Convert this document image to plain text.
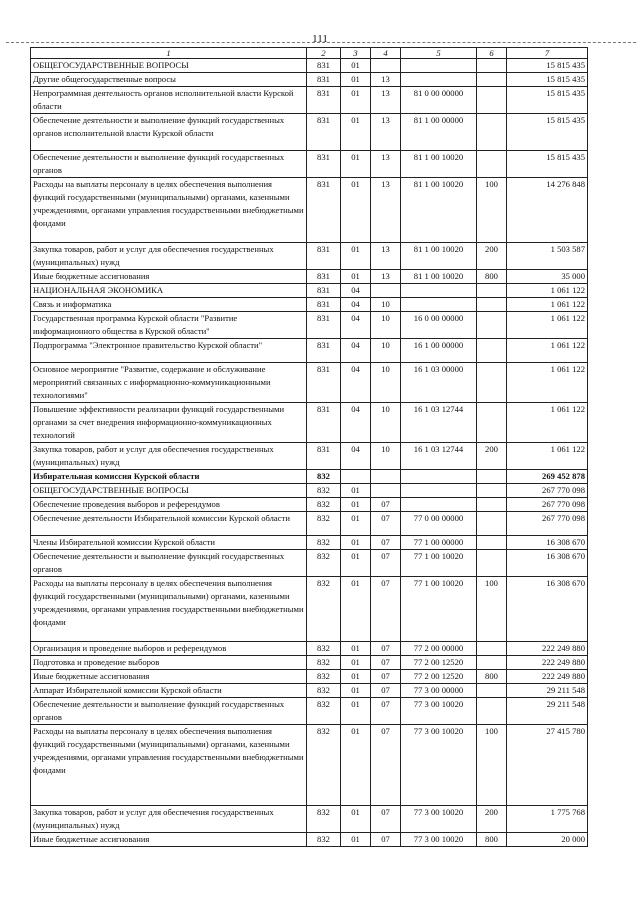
111
1	2	3	4	5	6	7
ОБЩЕГОСУДАРСТВЕННЫЕ ВОПРОСЫ	831	01				15 815 435
Другие общегосударственные вопросы	831	01	13			15 815 435
Непрограммная деятельность органов исполнительной власти Курской области	831	01	13	81 0 00 00000		15 815 435
Обеспечение деятельности и выполнение функций государственных органов исполнительной власти Курской области	831	01	13	81 1 00 00000		15 815 435
Обеспечение деятельности и выполнение функций государственных органов	831	01	13	81 1 00 10020		15 815 435
Расходы на выплаты персоналу в целях обеспечения выполнения функций государственными (муниципальными) органами, казенными учреждениями, органами управления государственными внебюджетными фондами	831	01	13	81 1 00 10020	100	14 276 848
Закупка товаров, работ и услуг для обеспечения государственных (муниципальных) нужд	831	01	13	81 1 00 10020	200	1 503 587
Иные бюджетные ассигнования	831	01	13	81 1 00 10020	800	35 000
НАЦИОНАЛЬНАЯ ЭКОНОМИКА	831	04				1 061 122
Связь и информатика	831	04	10			1 061 122
Государственная программа Курской области "Развитие информационного общества в Курской области"	831	04	10	16 0 00 00000		1 061 122
Подпрограмма "Электронное правительство Курской области"	831	04	10	16 1 00 00000		1 061 122
Основное мероприятие "Развитие, содержание и обслуживание мероприятий связанных с информационно-коммуникационными технологиями"	831	04	10	16 1 03 00000		1 061 122
Повышение эффективности реализации функций государственными органами за счет внедрения информационно-коммуникационных технологий	831	04	10	16 1 03 12744		1 061 122
Закупка товаров, работ и услуг для обеспечения государственных (муниципальных) нужд	831	04	10	16 1 03 12744	200	1 061 122
Избирательная комиссия Курской области	832					269 452 878
ОБЩЕГОСУДАРСТВЕННЫЕ ВОПРОСЫ	832	01				267 770 098
Обеспечение проведения выборов и референдумов	832	01	07			267 770 098
Обеспечение деятельности Избирательной комиссии Курской области	832	01	07	77 0 00 00000		267 770 098
Члены Избирательной комиссии Курской области	832	01	07	77 1 00 00000		16 308 670
Обеспечение деятельности и выполнение функций государственных органов	832	01	07	77 1 00 10020		16 308 670
Расходы на выплаты персоналу в целях обеспечения выполнения функций государственными (муниципальными) органами, казенными учреждениями, органами управления государственными внебюджетными фондами	832	01	07	77 1 00 10020	100	16 308 670
Организация и проведение выборов и референдумов	832	01	07	77 2 00 00000		222 249 880
Подготовка и проведение выборов	832	01	07	77 2 00 12520		222 249 880
Иные бюджетные ассигнования	832	01	07	77 2 00 12520	800	222 249 880
Аппарат Избирательной комиссии Курской области	832	01	07	77 3 00 00000		29 211 548
Обеспечение деятельности и выполнение функций государственных органов	832	01	07	77 3 00 10020		29 211 548
Расходы на выплаты персоналу в целях обеспечения выполнения функций государственными (муниципальными) органами, казенными учреждениями, органами управления государственными внебюджетными фондами	832	01	07	77 3 00 10020	100	27 415 780
Закупка товаров, работ и услуг для обеспечения государственных (муниципальных) нужд	832	01	07	77 3 00 10020	200	1 775 768
Иные бюджетные ассигнования	832	01	07	77 3 00 10020	800	20 000
